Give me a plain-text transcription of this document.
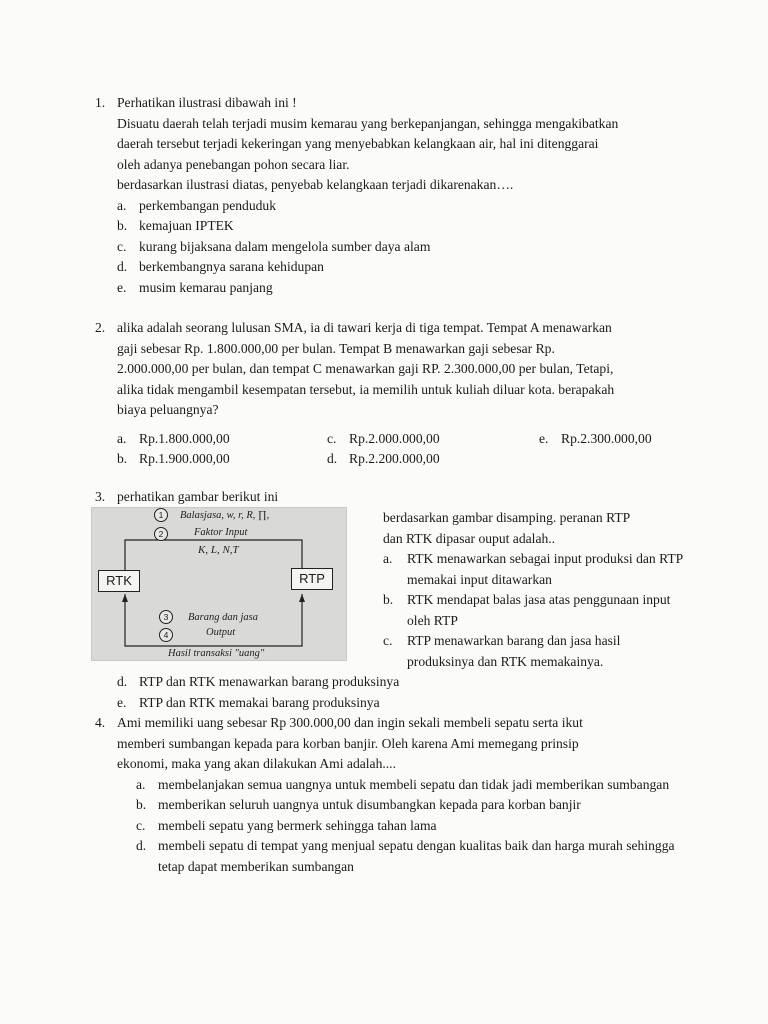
1. Perhatikan ilustrasi dibawah ini !
Disuatu daerah telah terjadi musim kemarau yang berkepanjangan, sehingga mengakibatkan
daerah tersebut terjadi kekeringan yang menyebabkan kelangkaan air, hal ini ditenggarai
oleh adanya penebangan pohon secara liar.
berdasarkan ilustrasi diatas, penyebab kelangkaan terjadi dikarenakan….
a. perkembangan penduduk
b. kemajuan IPTEK
c. kurang bijaksana dalam mengelola sumber daya alam
d. berkembangnya sarana kehidupan
e. musim kemarau panjang
2. alika adalah seorang lulusan SMA, ia di tawari kerja di tiga tempat. Tempat A menawarkan
gaji sebesar Rp. 1.800.000,00 per bulan. Tempat B menawarkan gaji sebesar Rp.
2.000.000,00 per bulan, dan tempat C menawarkan gaji RP. 2.300.000,00 per bulan, Tetapi,
alika tidak mengambil kesempatan tersebut, ia memilih untuk kuliah diluar kota. berapakah
biaya peluangnya?
a. Rp.1.800.000,00	c. Rp.2.000.000,00	e. Rp.2.300.000,00
b. Rp.1.900.000,00	d. Rp.2.200.000,00
3. perhatikan gambar berikut ini
1	Balasjasa, w, r, R, ∏,
2	Faktor Input
K, L, N,T
RTK	RTP
3	Barang dan jasa
4	Output
Hasil transaksi "uang"
berdasarkan gambar disamping. peranan RTP
dan RTK dipasar ouput adalah..
a.	RTK menawarkan sebagai input produksi dan RTP memakai input ditawarkan
b.	RTK mendapat balas jasa atas penggunaan input oleh RTP
c.	RTP menawarkan barang dan jasa hasil produksinya dan RTK memakainya.
d. RTP dan RTK menawarkan barang produksinya
e. RTP dan RTK memakai barang produksinya
4. Ami memiliki uang sebesar Rp 300.000,00 dan ingin sekali membeli sepatu serta ikut
memberi sumbangan kepada para korban banjir. Oleh karena Ami memegang prinsip
ekonomi, maka yang akan dilakukan Ami adalah....
a. membelanjakan semua uangnya untuk membeli sepatu dan tidak jadi memberikan sumbangan
b. memberikan seluruh uangnya untuk disumbangkan kepada para korban banjir
c. membeli sepatu yang bermerk sehingga tahan lama
d. membeli sepatu di tempat yang menjual sepatu dengan kualitas baik dan harga murah sehingga tetap dapat memberikan sumbangan
